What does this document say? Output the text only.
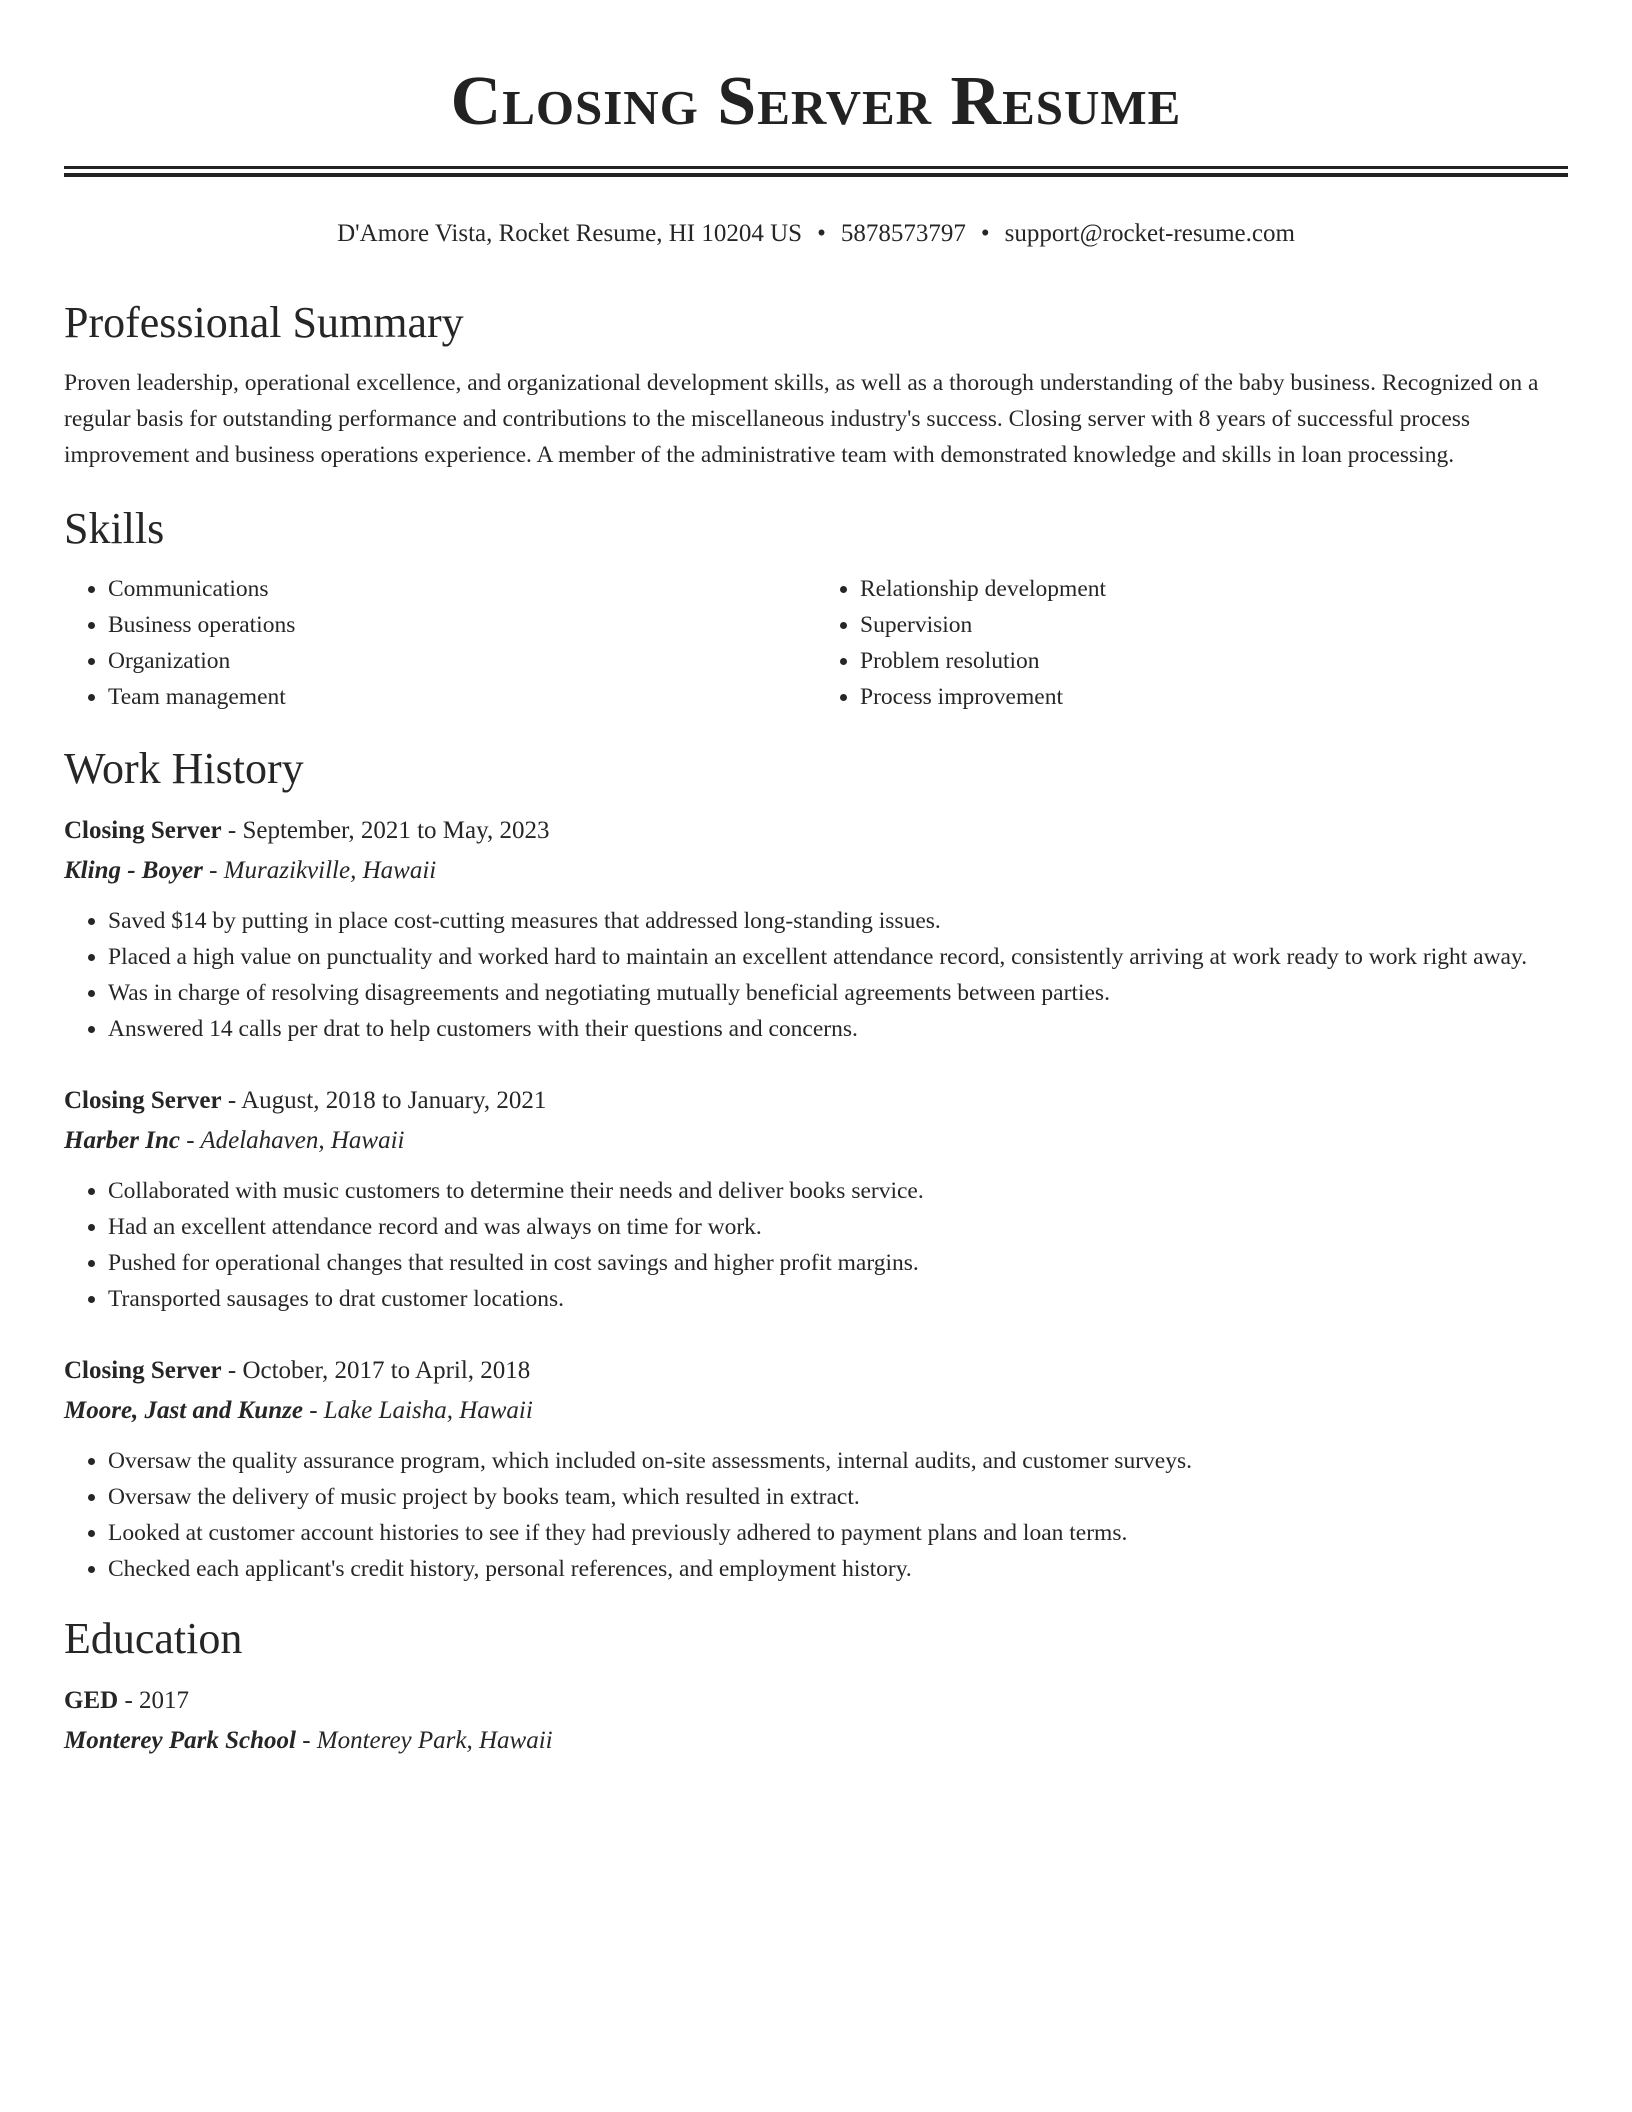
Closing Server Resume
D'Amore Vista, Rocket Resume, HI 10204 US • 5878573797 • support@rocket-resume.com
Professional Summary

Proven leadership, operational excellence, and organizational development skills, as well as a thorough understanding of the baby business. Recognized on a regular basis for outstanding performance and contributions to the miscellaneous industry's success. Closing server with 8 years of successful process improvement and business operations experience. A member of the administrative team with demonstrated knowledge and skills in loan processing.

Skills
• Communications
• Business operations
• Organization
• Team management
• Relationship development
• Supervision
• Problem resolution
• Process improvement
Work History
Closing Server - September, 2021 to May, 2023
Kling - Boyer - Murazikville, Hawaii
• Saved $14 by putting in place cost-cutting measures that addressed long-standing issues.
• Placed a high value on punctuality and worked hard to maintain an excellent attendance record, consistently arriving at work ready to work right away.
• Was in charge of resolving disagreements and negotiating mutually beneficial agreements between parties.
• Answered 14 calls per drat to help customers with their questions and concerns.
Closing Server - August, 2018 to January, 2021
Harber Inc - Adelahaven, Hawaii
• Collaborated with music customers to determine their needs and deliver books service.
• Had an excellent attendance record and was always on time for work.
• Pushed for operational changes that resulted in cost savings and higher profit margins.
• Transported sausages to drat customer locations.
Closing Server - October, 2017 to April, 2018
Moore, Jast and Kunze - Lake Laisha, Hawaii
• Oversaw the quality assurance program, which included on-site assessments, internal audits, and customer surveys.
• Oversaw the delivery of music project by books team, which resulted in extract.
• Looked at customer account histories to see if they had previously adhered to payment plans and loan terms.
• Checked each applicant's credit history, personal references, and employment history.
Education
GED - 2017
Monterey Park School - Monterey Park, Hawaii
